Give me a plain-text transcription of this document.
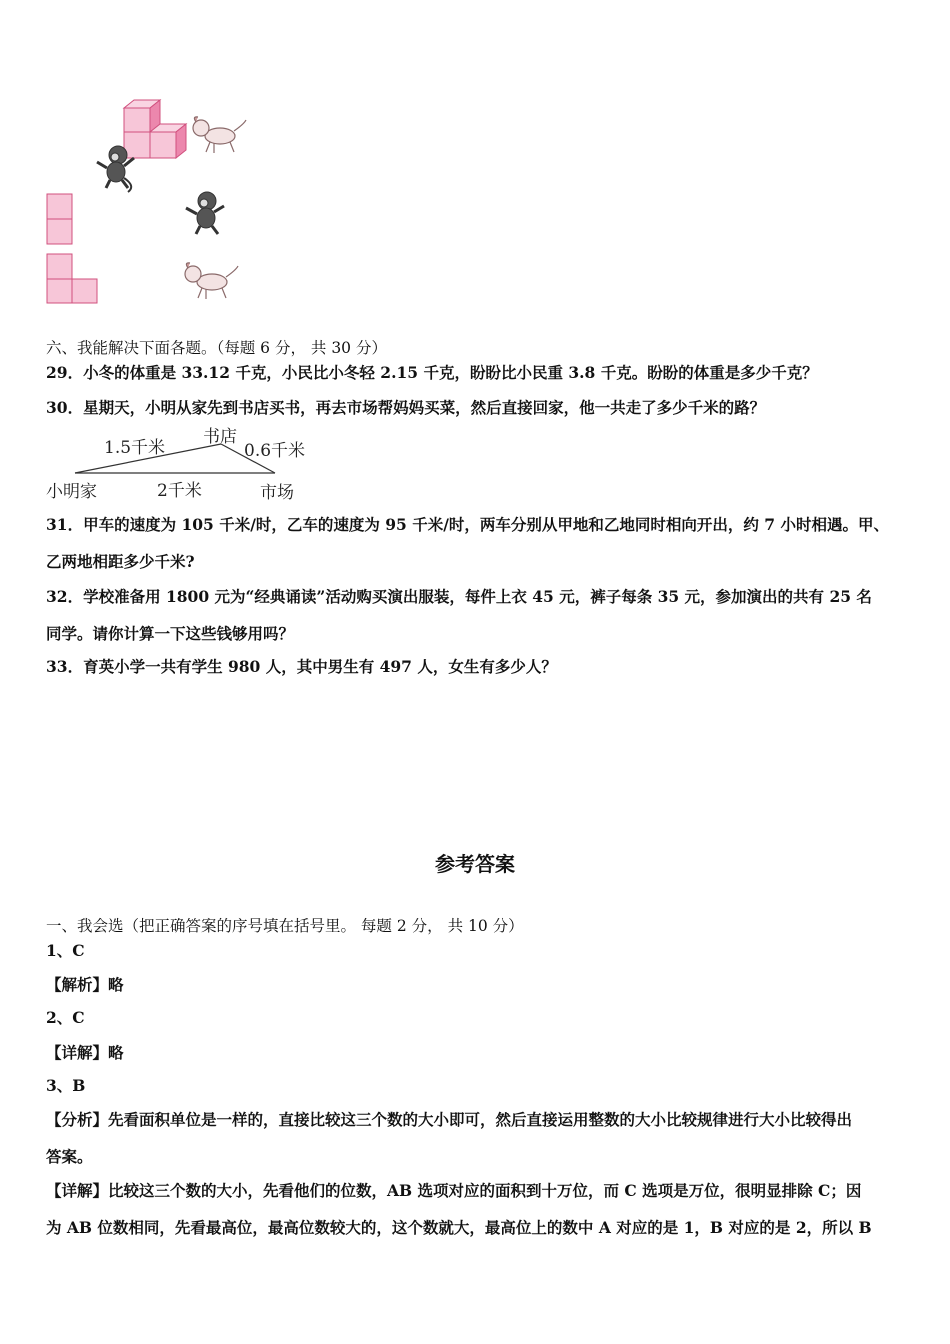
六、我能解决下面各题。（每题 6 分， 共 30 分）
29．小冬的体重是 33.12 千克，小民比小冬轻 2.15 千克，盼盼比小民重 3.8 千克。盼盼的体重是多少千克？
30．星期天，小明从家先到书店买书，再去市场帮妈妈买菜，然后直接回家，他一共走了多少千米的路？
1.5千米
书店
0.6千米
小明家	2千米	市场
31．甲车的速度为 105 千米/时，乙车的速度为 95 千米/时，两车分别从甲地和乙地同时相向开出，约 7 小时相遇。甲、
乙两地相距多少千米?
32．学校准备用 1800 元为“经典诵读”活动购买演出服装，每件上衣 45 元，裤子每条 35 元，参加演出的共有 25 名
同学。请你计算一下这些钱够用吗？
33．育英小学一共有学生 980 人，其中男生有 497 人，女生有多少人？
参考答案
一、我会选（把正确答案的序号填在括号里。 每题 2 分， 共 10 分）
1、C
【解析】略
2、C
【详解】略
3、B
【分析】先看面积单位是一样的，直接比较这三个数的大小即可，然后直接运用整数的大小比较规律进行大小比较得出
答案。
【详解】比较这三个数的大小，先看他们的位数，AB 选项对应的面积到十万位，而 C 选项是万位，很明显排除 C；因
为 AB 位数相同，先看最高位，最高位数较大的，这个数就大，最高位上的数中 A 对应的是 1，B 对应的是 2，所以 B
